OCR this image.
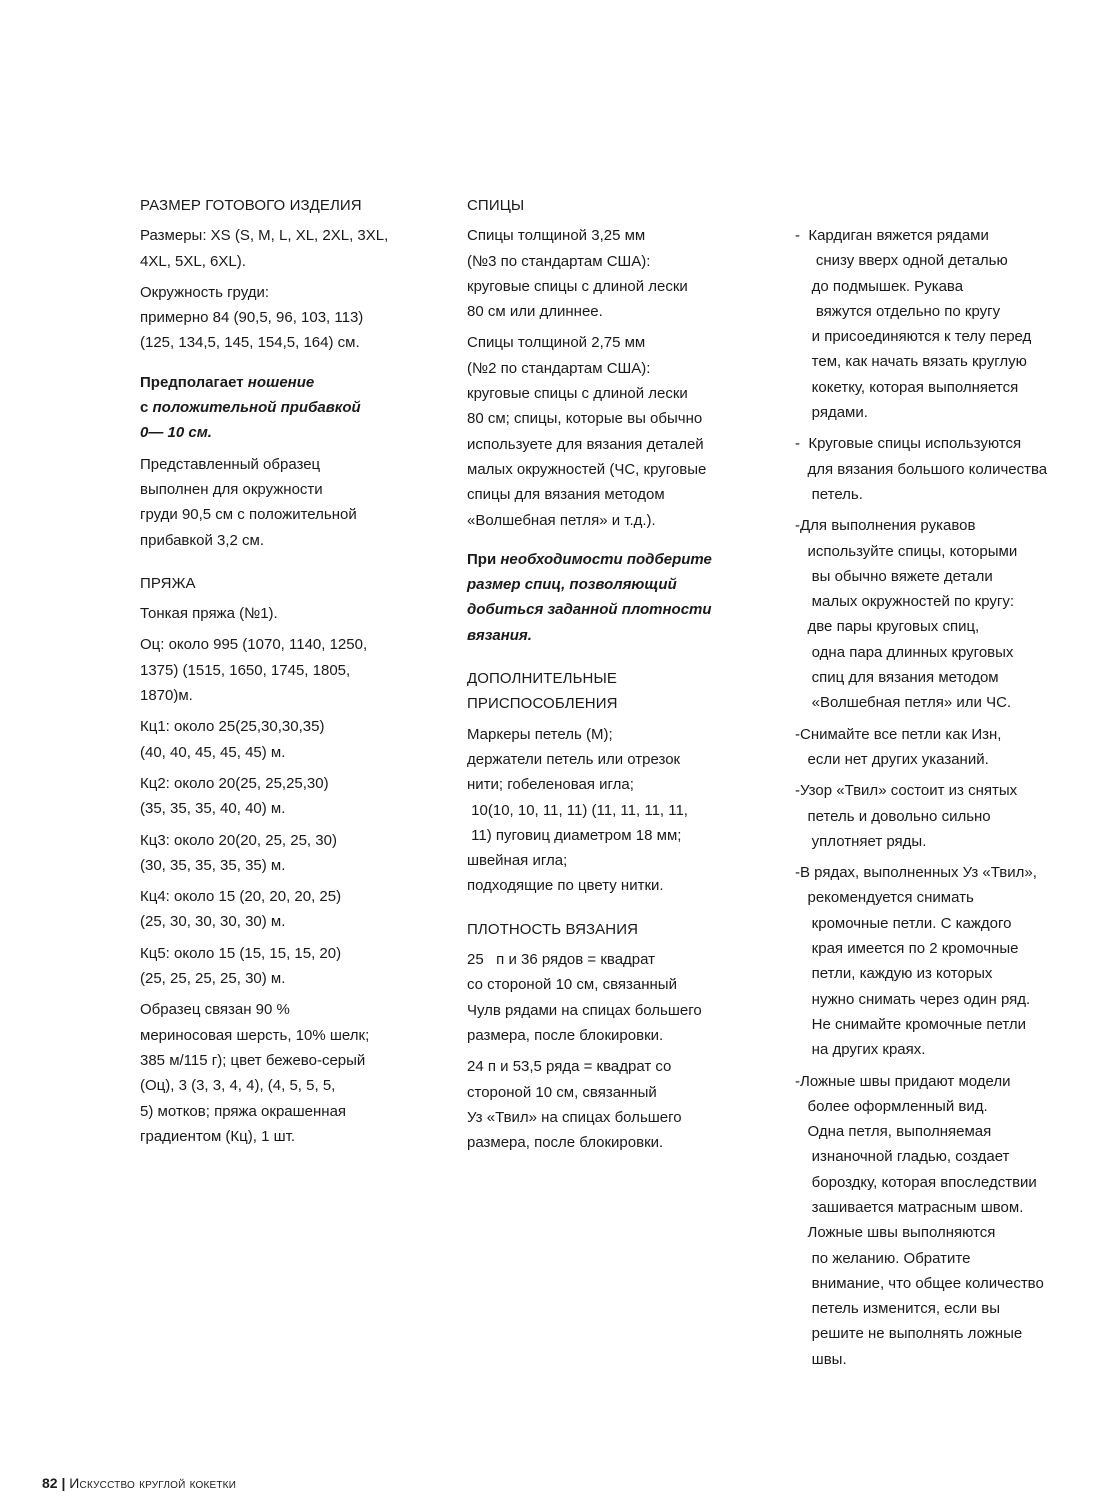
РАЗМЕР ГОТОВОГО ИЗДЕЛИЯ
Размеры: XS (S, M, L, XL, 2XL, 3XL,
4XL, 5XL, 6XL).
Окружность груди:
примерно 84 (90,5, 96, 103, 113)
(125, 134,5, 145, 154,5, 164) см.
Предполагает ношение
с положительной прибавкой
0— 10 см.
Представленный образец
выполнен для окружности
груди 90,5 см с положительной
прибавкой 3,2 см.
ПРЯЖА
Тонкая пряжа (№1).
Оц: около 995 (1070, 1140, 1250,
1375) (1515, 1650, 1745, 1805,
1870)м.
Кц1: около 25(25,30,30,35)
(40, 40, 45, 45, 45) м.
Кц2: около 20(25, 25,25,30)
(35, 35, 35, 40, 40) м.
Кц3: около 20(20, 25, 25, 30)
(30, 35, 35, 35, 35) м.
Кц4: около 15 (20, 20, 20, 25)
(25, 30, 30, 30, 30) м.
Кц5: около 15 (15, 15, 15, 20)
(25, 25, 25, 25, 30) м.
Образец связан 90 %
мериносовая шерсть, 10% шелк;
385 м/115 г); цвет бежево-серый
(Оц), 3 (3, 3, 4, 4), (4, 5, 5, 5,
5) мотков; пряжа окрашенная
градиентом (Кц), 1 шт.
СПИЦЫ
Спицы толщиной 3,25 мм
(№3 по стандартам США):
круговые спицы с длиной лески
80 см или длиннее.
Спицы толщиной 2,75 мм
(№2 по стандартам США):
круговые спицы с длиной лески
80 см; спицы, которые вы обычно
используете для вязания деталей
малых окружностей (ЧС, круговые
спицы для вязания методом
«Волшебная петля» и т.д.).
При необходимости подберите
размер спиц, позволяющий
добиться заданной плотности
вязания.
ДОПОЛНИТЕЛЬНЫЕ
ПРИСПОСОБЛЕНИЯ
Маркеры петель (М);
держатели петель или отрезок
нити; гобеленовая игла;
10(10, 10, 11, 11) (11, 11, 11, 11,
11) пуговиц диаметром 18 мм;
швейная игла;
подходящие по цвету нитки.
ПЛОТНОСТЬ ВЯЗАНИЯ
25   п и 36 рядов = квадрат
со стороной 10 см, связанный
Чулв рядами на спицах большего
размера, после блокировки.
24 п и 53,5 ряда = квадрат со
стороной 10 см, связанный
Уз «Твил» на спицах большего
размера, после блокировки.
-  Кардиган вяжется рядами
снизу вверх одной деталью
до подмышек. Рукава
вяжутся отдельно по кругу
и присоединяются к телу перед
тем, как начать вязать круглую
кокетку, которая выполняется
рядами.
-  Круговые спицы используются
для вязания большого количества
петель.
-Для выполнения рукавов
используйте спицы, которыми
вы обычно вяжете детали
малых окружностей по кругу:
две пары круговых спиц,
одна пара длинных круговых
спиц для вязания методом
«Волшебная петля» или ЧС.
-Снимайте все петли как Изн,
если нет других указаний.
-Узор «Твил» состоит из снятых
петель и довольно сильно
уплотняет ряды.
-В рядах, выполненных Уз «Твил»,
рекомендуется снимать
кромочные петли. С каждого
края имеется по 2 кромочные
петли, каждую из которых
нужно снимать через один ряд.
Не снимайте кромочные петли
на других краях.
-Ложные швы придают модели
более оформленный вид.
Одна петля, выполняемая
изнаночной гладью, создает
бороздку, которая впоследствии
зашивается матрасным швом.
Ложные швы выполняются
по желанию. Обратите
внимание, что общее количество
петель изменится, если вы
решите не выполнять ложные
швы.
82 | Искусство круглой кокетки
